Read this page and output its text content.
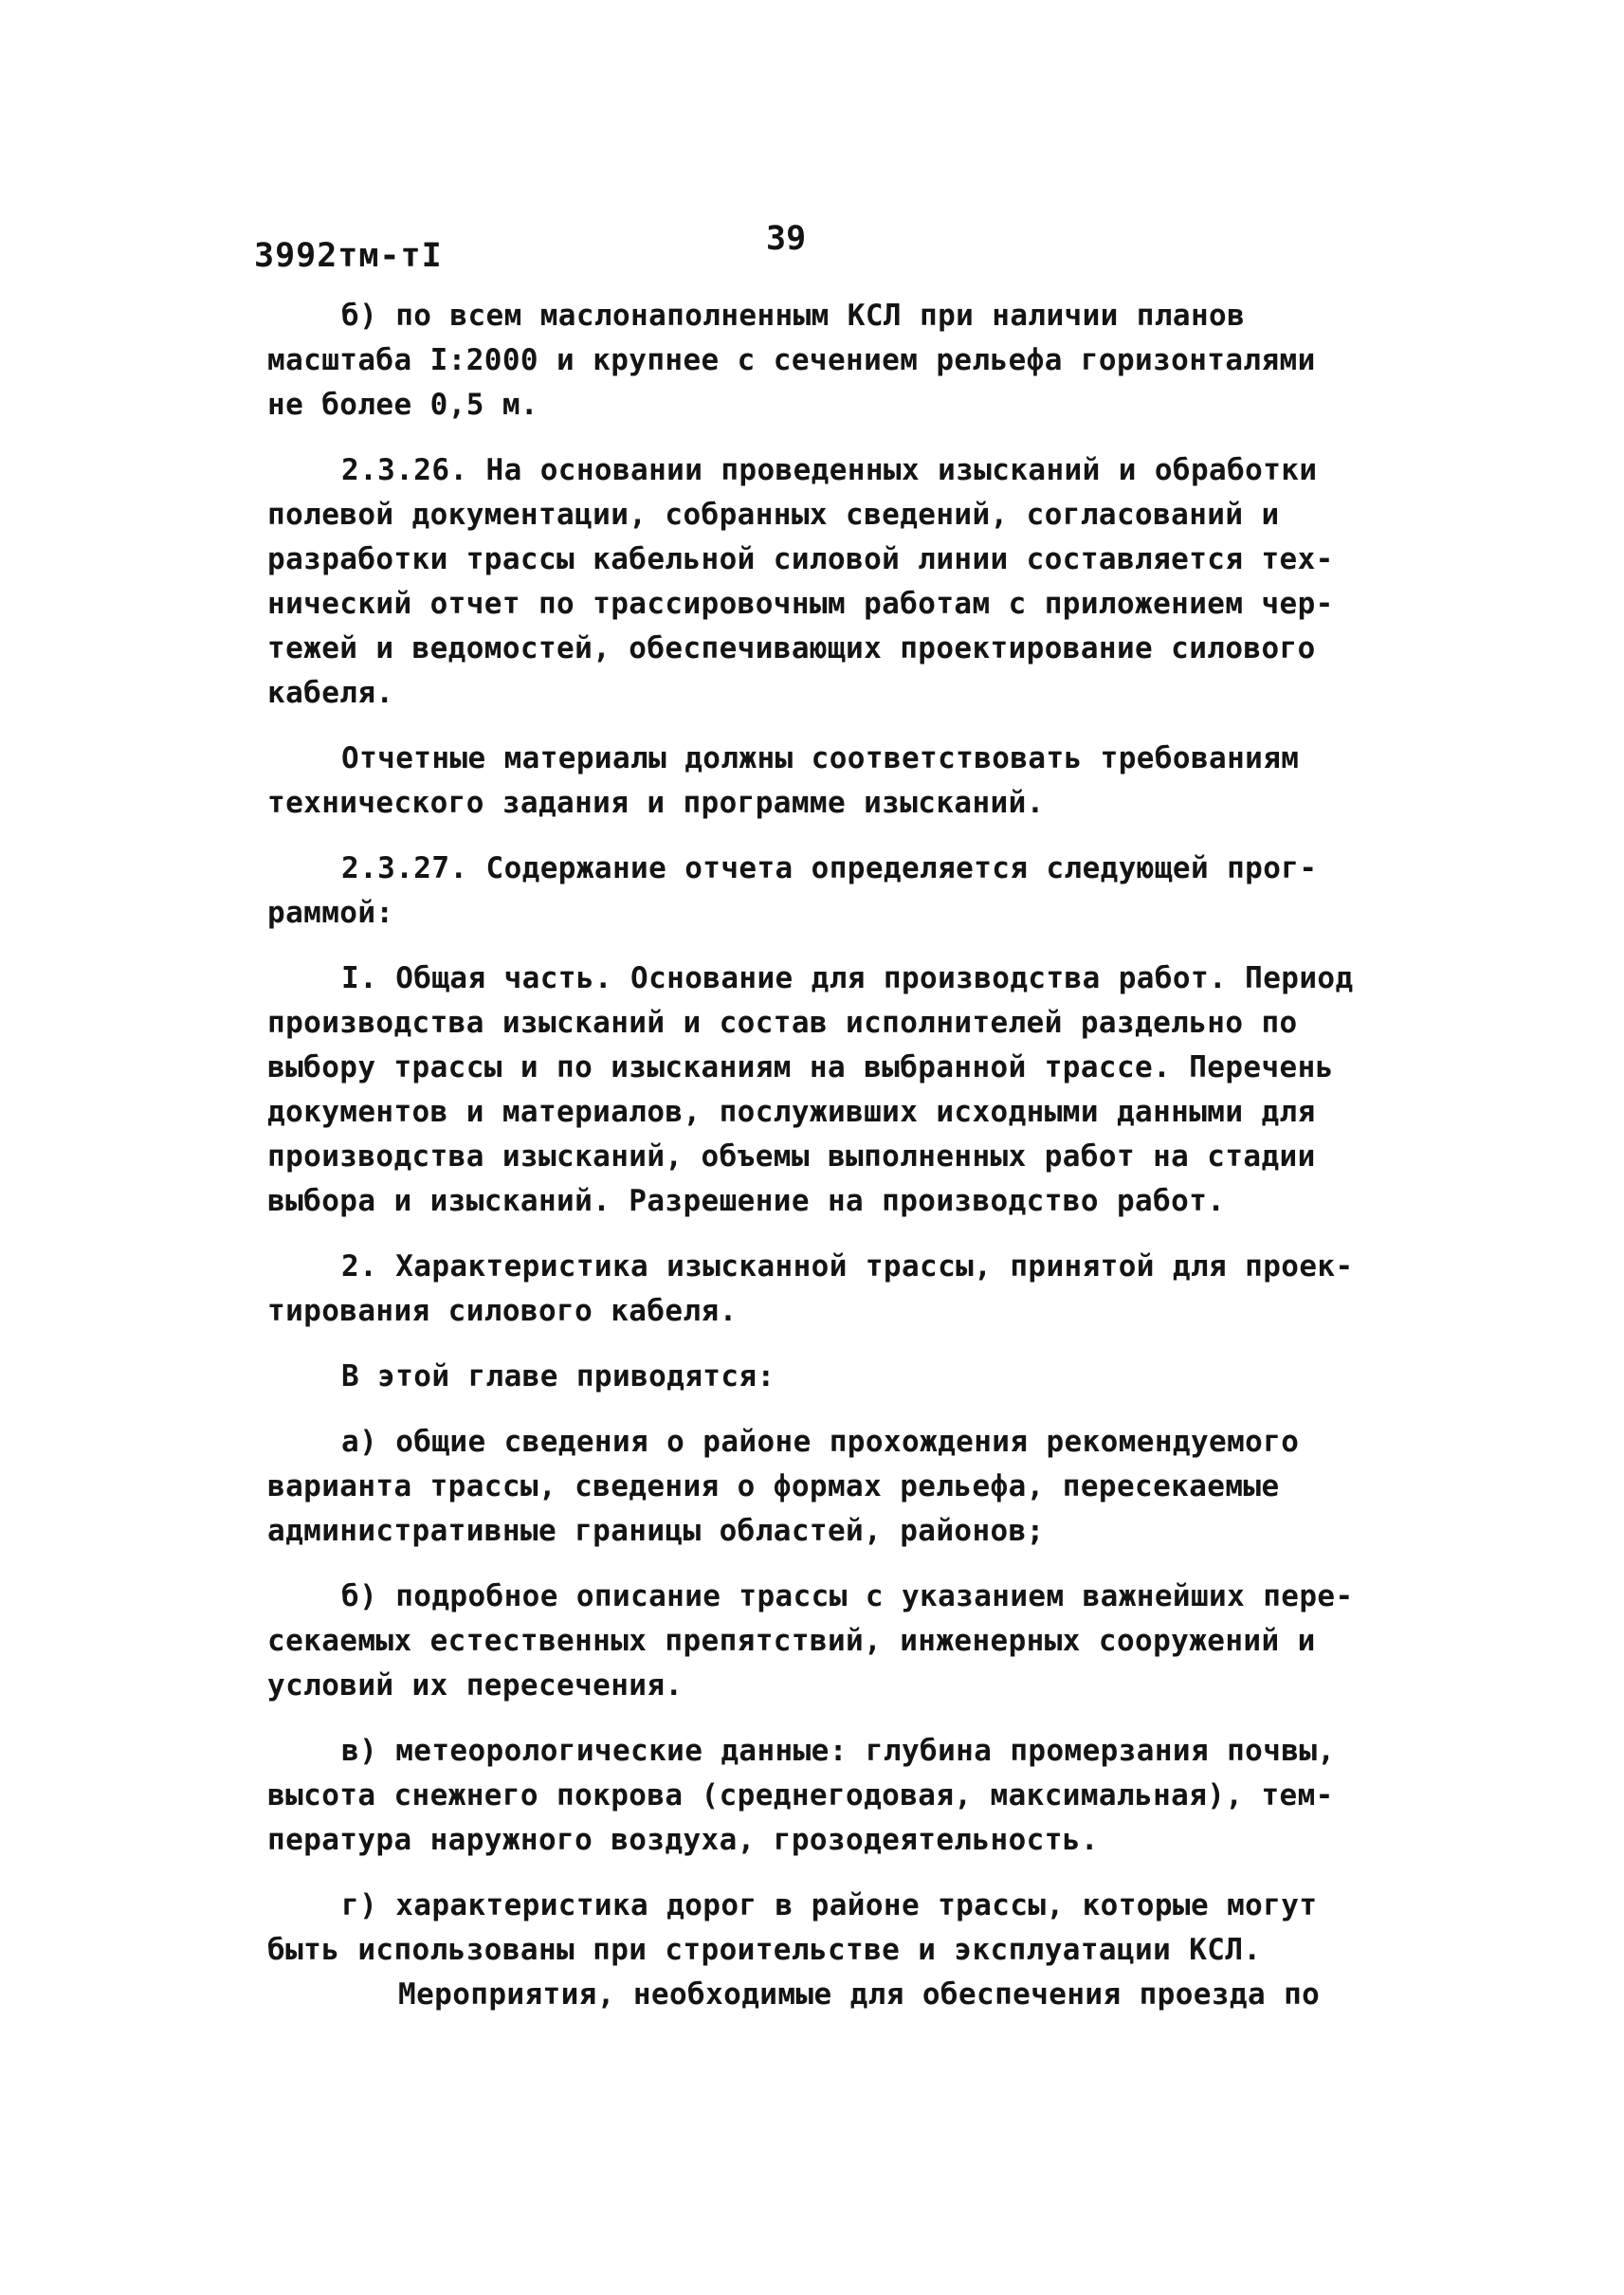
3992тм-тI	39
б) по всем маслонаполненным КСЛ при наличии планов
масштаба I:2000 и крупнее с сечением рельефа горизонталями
не более 0,5 м.
2.3.26. На основании проведенных изысканий и обработки
полевой документации, собранных сведений, согласований и
разработки трассы кабельной силовой линии составляется тех-
нический отчет по трассировочным работам с приложением чер-
тежей и ведомостей, обеспечивающих проектирование силового
кабеля.
Отчетные материалы должны соответствовать требованиям
технического задания и программе изысканий.
2.3.27. Содержание отчета определяется следующей прог-
раммой:
I. Общая часть. Основание для производства работ. Период
производства изысканий и состав исполнителей раздельно по
выбору трассы и по изысканиям на выбранной трассе. Перечень
документов и материалов, послуживших исходными данными для
производства изысканий, объемы выполненных работ на стадии
выбора и изысканий. Разрешение на производство работ.
2. Характеристика изысканной трассы, принятой для проек-
тирования силового кабеля.
В этой главе приводятся:
а) общие сведения о районе прохождения рекомендуемого
варианта трассы, сведения о формах рельефа, пересекаемые
административные границы областей, районов;
б) подробное описание трассы с указанием важнейших пере-
секаемых естественных препятствий, инженерных сооружений и
условий их пересечения.
в) метеорологические данные: глубина промерзания почвы,
высота снежнего покрова (среднегодовая, максимальная), тем-
пература наружного воздуха, грозодеятельность.
г) характеристика дорог в районе трассы, которые могут
быть использованы при строительстве и эксплуатации КСЛ.
Мероприятия, необходимые для обеспечения проезда по
